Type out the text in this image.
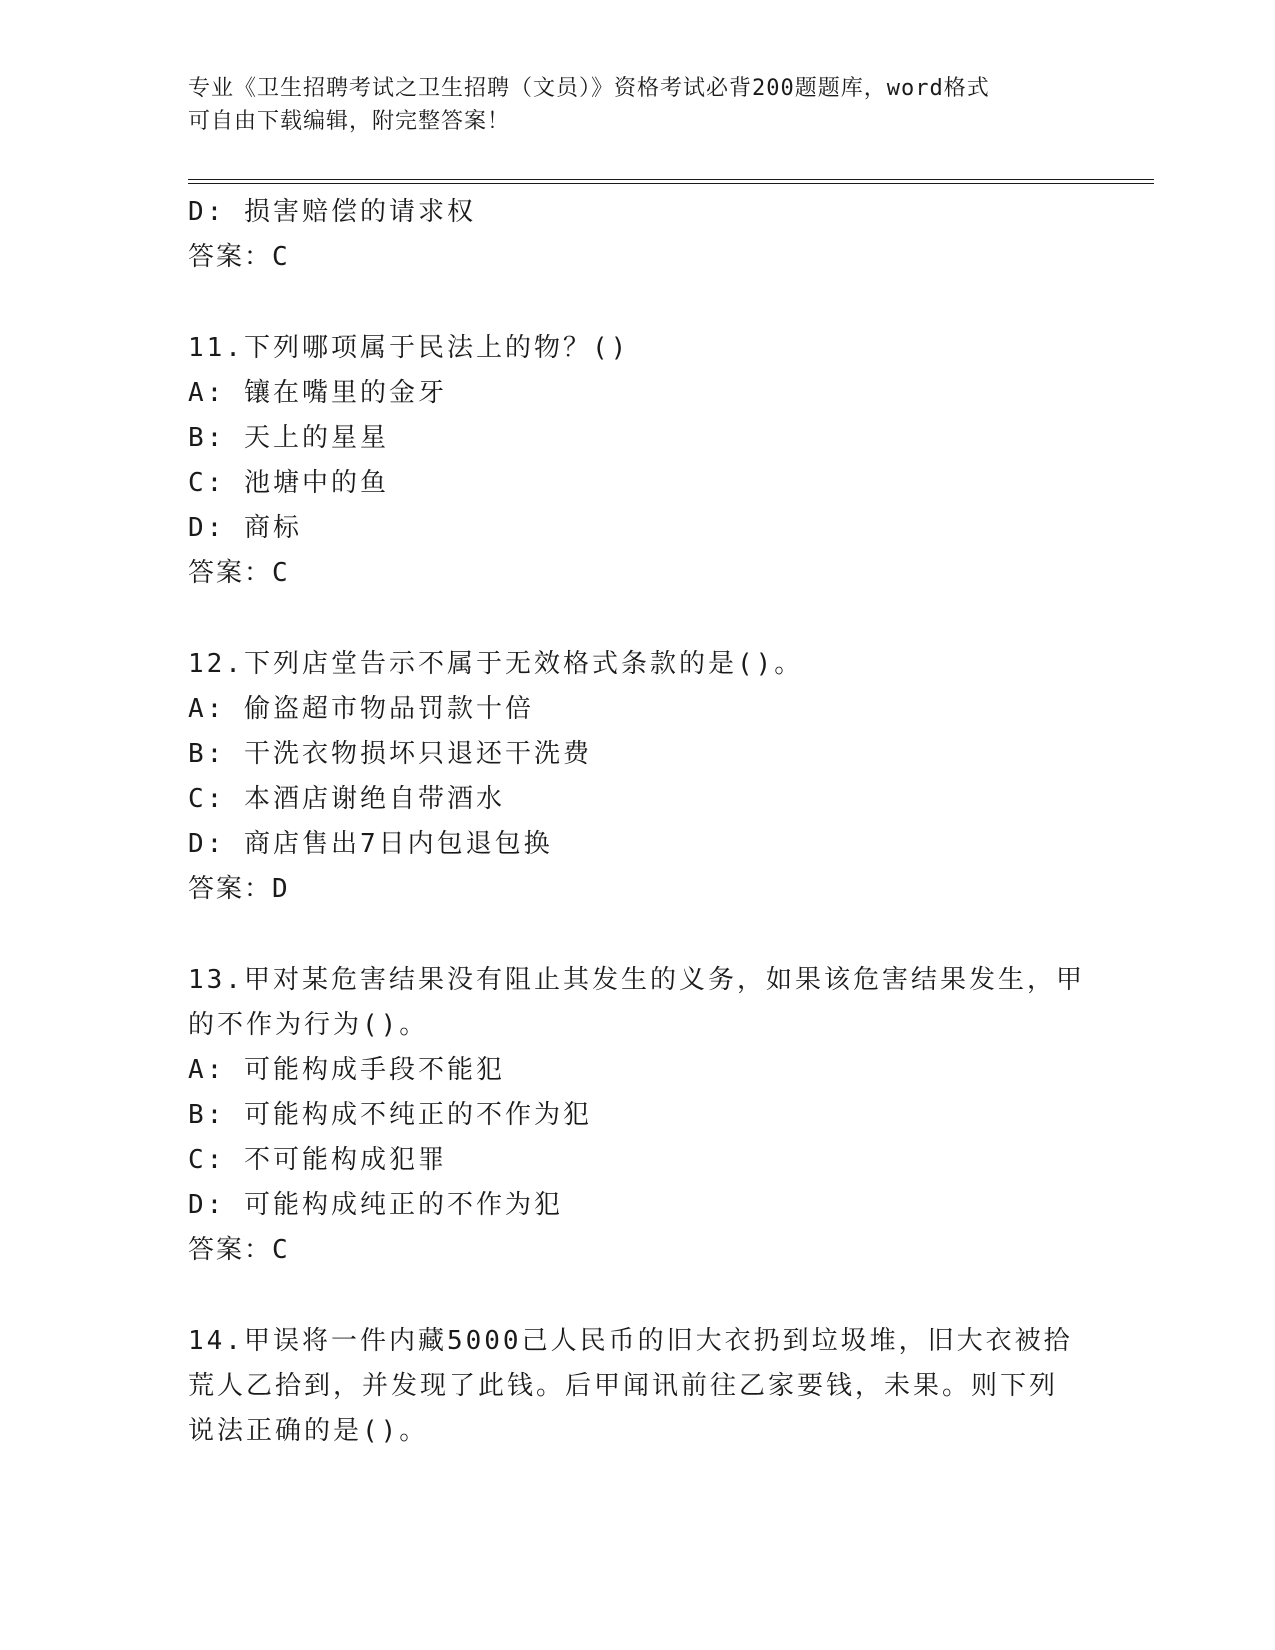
专业《卫生招聘考试之卫生招聘（文员）》资格考试必背200题题库，word格式
可自由下载编辑，附完整答案！
D: 损害赔偿的请求权
答案：C
11.下列哪项属于民法上的物？()
A: 镶在嘴里的金牙
B: 天上的星星
C: 池塘中的鱼
D: 商标
答案：C
12.下列店堂告示不属于无效格式条款的是()。
A: 偷盗超市物品罚款十倍
B: 干洗衣物损坏只退还干洗费
C: 本酒店谢绝自带酒水
D: 商店售出7日内包退包换
答案：D
13.甲对某危害结果没有阻止其发生的义务，如果该危害结果发生，甲
的不作为行为()。
A: 可能构成手段不能犯
B: 可能构成不纯正的不作为犯
C: 不可能构成犯罪
D: 可能构成纯正的不作为犯
答案：C
14.甲误将一件内藏5000己人民币的旧大衣扔到垃圾堆，旧大衣被拾
荒人乙拾到，并发现了此钱。后甲闻讯前往乙家要钱，未果。则下列
说法正确的是()。
